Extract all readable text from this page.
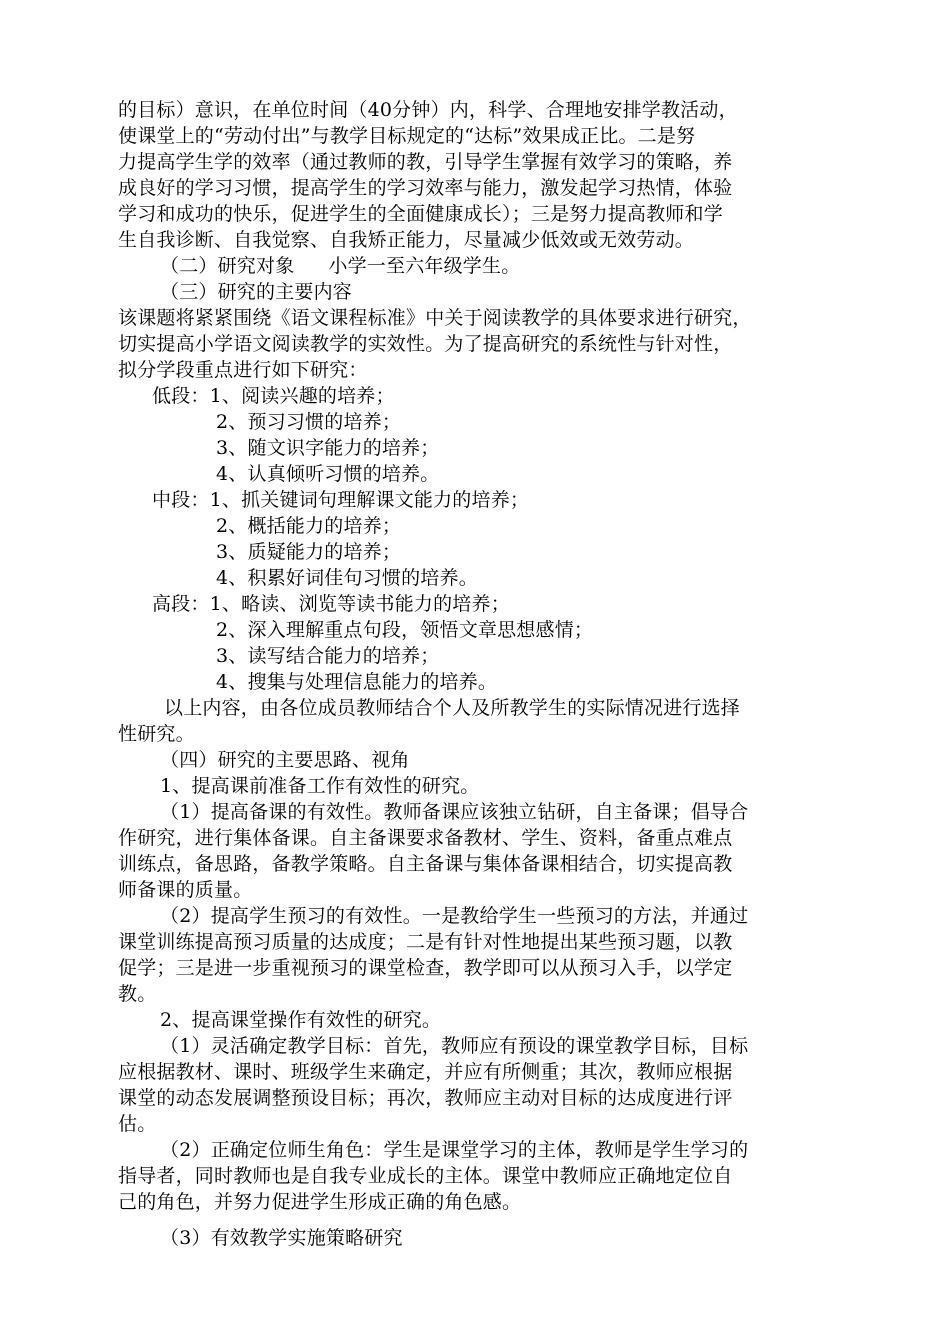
的目标）意识，在单位时间（40分钟）内，科学、合理地安排学教活动，
使课堂上的“劳动付出”与教学目标规定的“达标”效果成正比。二是努
力提高学生学的效率（通过教师的教，引导学生掌握有效学习的策略，养
成良好的学习习惯，提高学生的学习效率与能力，激发起学习热情，体验
学习和成功的快乐，促进学生的全面健康成长）；三是努力提高教师和学
生自我诊断、自我觉察、自我矫正能力，尽量减少低效或无效劳动。
（二）研究对象 小学一至六年级学生。
（三）研究的主要内容
该课题将紧紧围绕《语文课程标准》中关于阅读教学的具体要求进行研究，
切实提高小学语文阅读教学的实效性。为了提高研究的系统性与针对性，
拟分学段重点进行如下研究：
低段：1、阅读兴趣的培养；
2、预习习惯的培养；
3、随文识字能力的培养；
4、认真倾听习惯的培养。
中段：1、抓关键词句理解课文能力的培养；
2、概括能力的培养；
3、质疑能力的培养；
4、积累好词佳句习惯的培养。
高段：1、略读、浏览等读书能力的培养；
2、深入理解重点句段，领悟文章思想感情；
3、读写结合能力的培养；
4、搜集与处理信息能力的培养。
以上内容，由各位成员教师结合个人及所教学生的实际情况进行选择
性研究。
（四）研究的主要思路、视角
1、提高课前准备工作有效性的研究。
（1）提高备课的有效性。教师备课应该独立钻研，自主备课；倡导合
作研究，进行集体备课。自主备课要求备教材、学生、资料，备重点难点
训练点，备思路，备教学策略。自主备课与集体备课相结合，切实提高教
师备课的质量。
（2）提高学生预习的有效性。一是教给学生一些预习的方法，并通过
课堂训练提高预习质量的达成度；二是有针对性地提出某些预习题，以教
促学；三是进一步重视预习的课堂检查，教学即可以从预习入手，以学定
教。
2、提高课堂操作有效性的研究。
（1）灵活确定教学目标：首先，教师应有预设的课堂教学目标，目标
应根据教材、课时、班级学生来确定，并应有所侧重；其次，教师应根据
课堂的动态发展调整预设目标；再次，教师应主动对目标的达成度进行评
估。
（2）正确定位师生角色：学生是课堂学习的主体，教师是学生学习的
指导者，同时教师也是自我专业成长的主体。课堂中教师应正确地定位自
己的角色，并努力促进学生形成正确的角色感。
（3）有效教学实施策略研究
